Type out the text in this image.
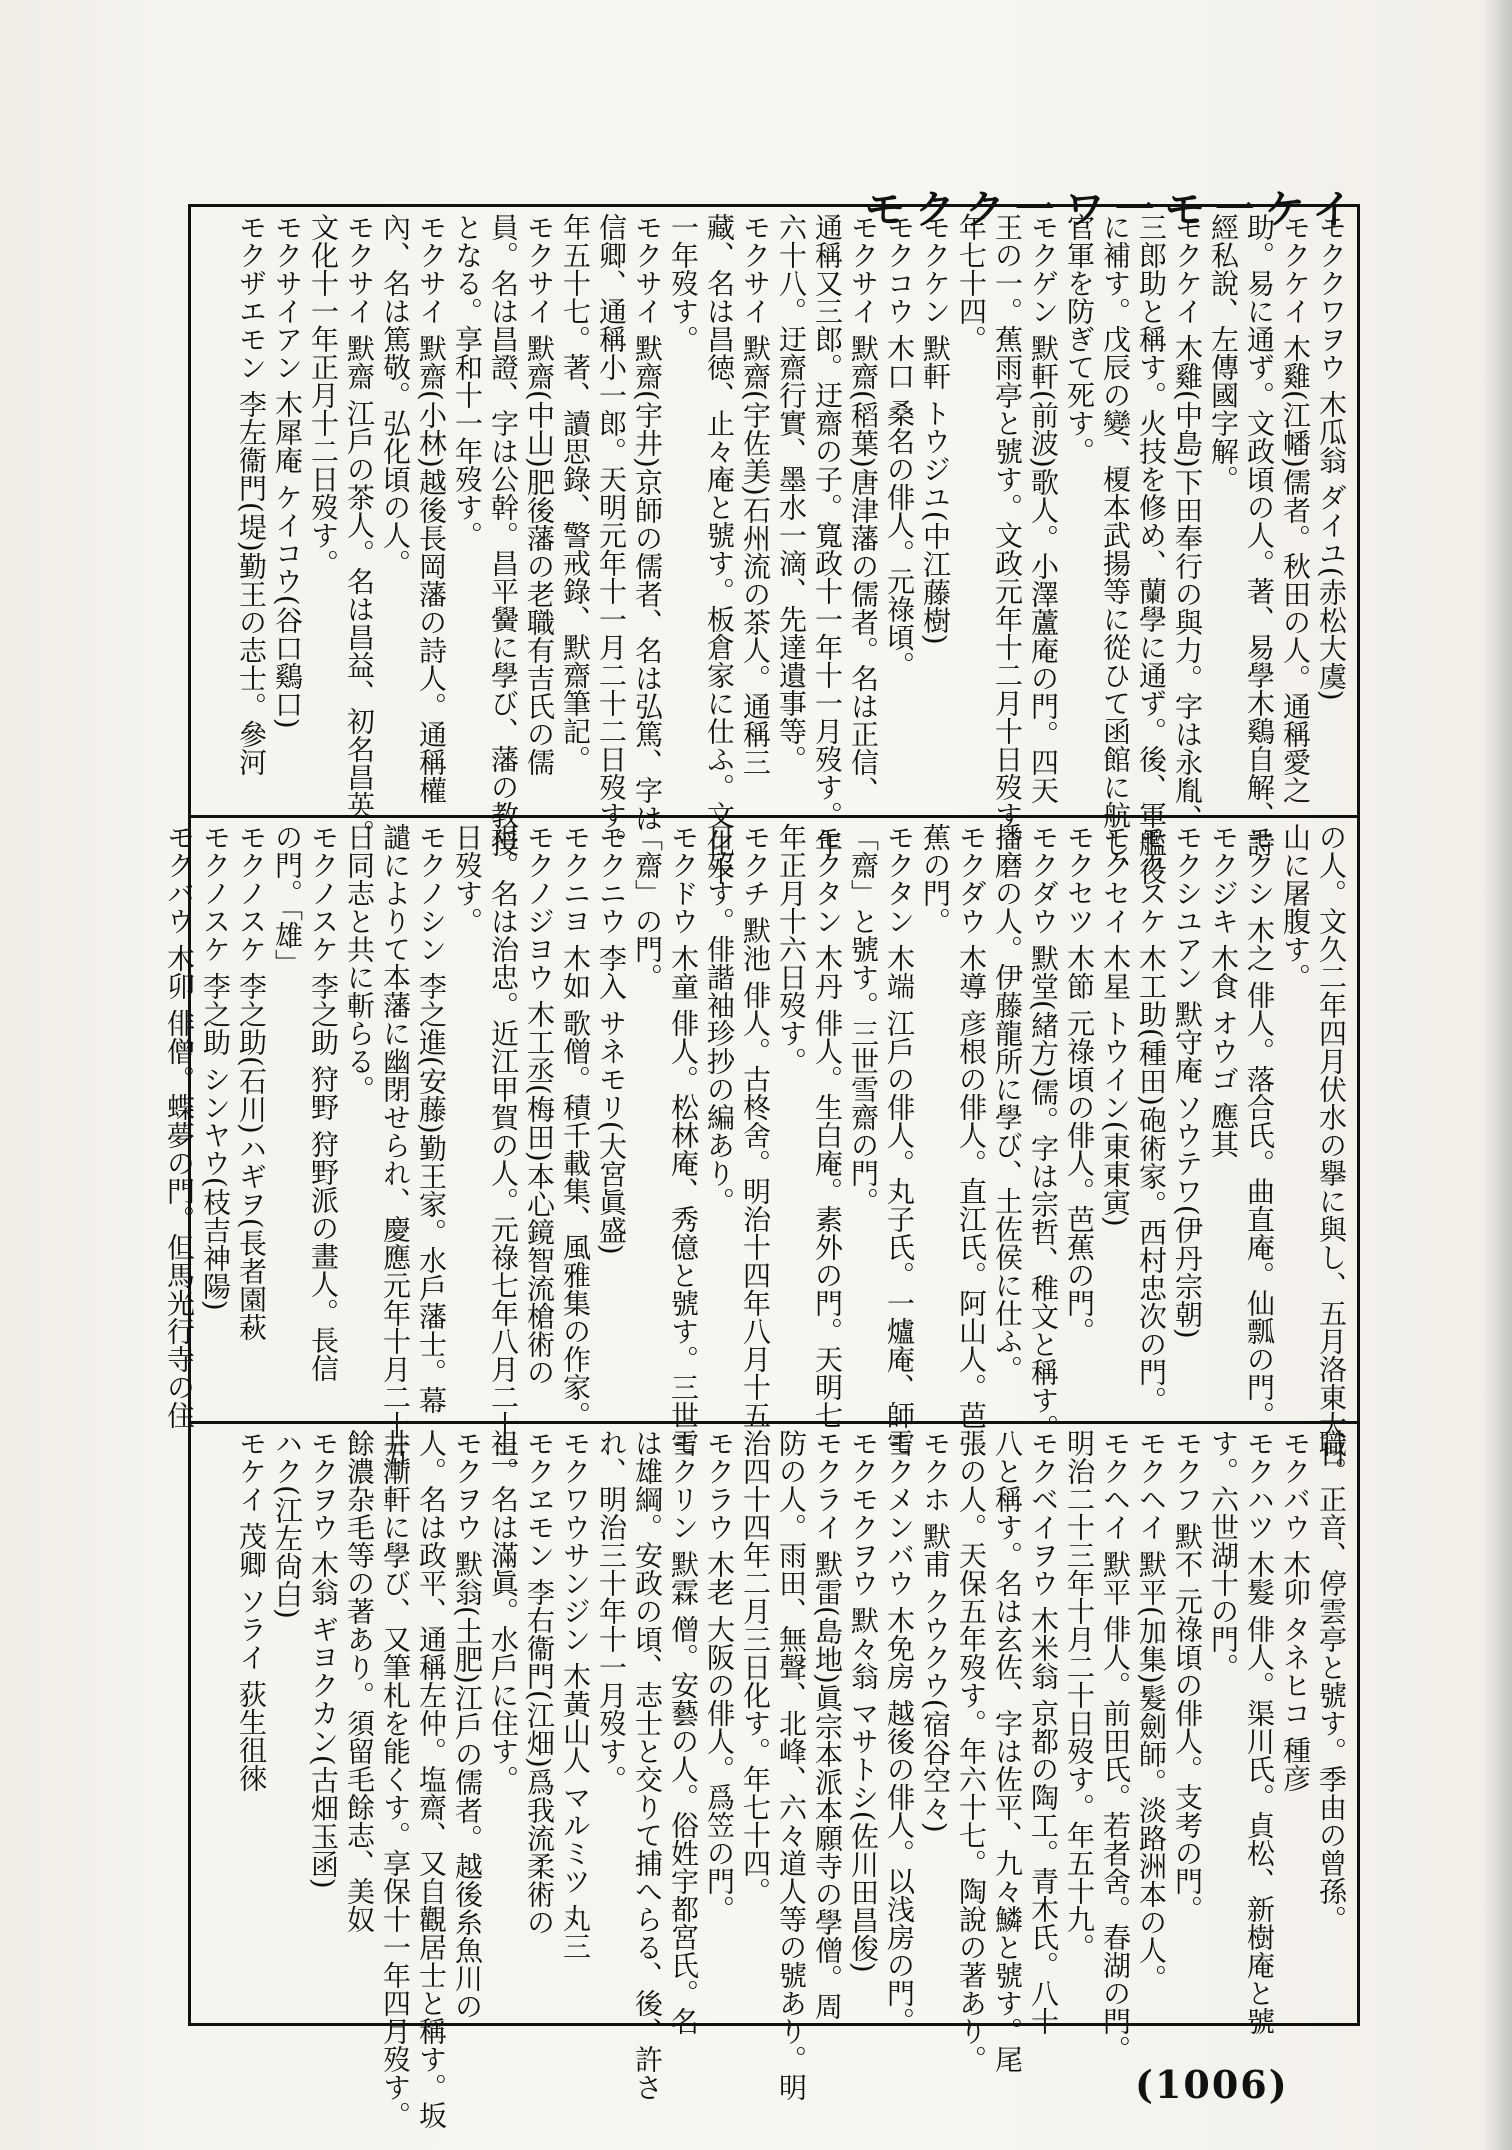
モクク一ワ一モ一ケイ
モククワヲウ 木瓜翁 ダイユ(赤松大虞)
モクケイ 木雞(江幡)儒者。秋田の人。通稱愛之
助。易に通ず。文政頃の人。著、易學木鷄自解、詩
經私說、左傳國字解。
モクケイ 木雞(中島)下田奉行の與力。字は永胤、
三郎助と稱す。火技を修め、蘭學に通ず。後、軍艦役
に補す。戊辰の變、榎本武揚等に從ひて函館に航し、
官軍を防ぎて死す。
モクゲン 默軒(前波)歌人。小澤蘆庵の門。四天
王の一。蕉雨亭と號す。文政元年十二月十日歿す。
年七十四。
モクケン 默軒 トウジユ(中江藤樹)
モクコウ 木口 桑名の俳人。元祿頃。
モクサイ 默齋(稻葉)唐津藩の儒者。名は正信、
通稱又三郎。迂齋の子。寬政十一年十一月歿す。年
六十八。迂齋行實、墨水一滴、先達遺事等。
モクサイ 默齋(宇佐美)石州流の茶人。通稱三
藏、名は昌徳、止々庵と號す。板倉家に仕ふ。文化十
一年歿す。
モクサイ 默齋(宇井)京師の儒者、名は弘篤、字は
信卿、通稱小一郎。天明元年十一月二十二日歿す。
年五十七。著、讀思錄、警戒錄、默齋筆記。
モクサイ 默齋(中山)肥後藩の老職有吉氏の儒
員。名は昌證、字は公幹。昌平黌に學び、藩の教授
となる。享和十一年歿す。
モクサイ 默齋(小林)越後長岡藩の詩人。通稱權
內、名は篤敬。弘化頃の人。
モクサイ 默齋 江戶の茶人。名は昌益、初名昌英。
文化十一年正月十二日歿す。
モクサイアン 木犀庵 ケイコウ(谷口鷄口)
モクザエモン 李左衞門(堤)勤王の志士。參河
の人。文久二年四月伏水の擧に與し、五月洛東大日
山に屠腹す。
モクシ 木之 俳人。落合氏。曲直庵。仙瓢の門。
モクジキ 木食 オウゴ 應其
モクシユアン 默守庵 ソウテワ(伊丹宗朝)
モクスケ 木工助(種田)砲術家。西村忠次の門。
モクセイ 木星 トウイン(東東寅)
モクセツ 木節 元祿頃の俳人。芭蕉の門。
モクダウ 默堂(緒方)儒。字は宗哲、稚文と稱す。
播磨の人。伊藤龍所に學び、土佐侯に仕ふ。
モクダウ 木導 彦根の俳人。直江氏。阿山人。芭
蕉の門。
モクタン 木端 江戶の俳人。丸子氏。一爐庵、師雪
「齋」と號す。三世雪齋の門。
モクタン 木丹 俳人。生白庵。素外の門。天明七
年正月十六日歿す。
モクチ 默池 俳人。古柊舍。明治十四年八月十五
日歿す。俳諧袖珍抄の編あり。
モクドウ 木童 俳人。松林庵、秀億と號す。三世雪
「齋」の門。
モクニウ 李入 サネモリ(大宮眞盛)
モクニヨ 木如 歌僧。積千載集、風雅集の作家。
モクノジヨウ 木工丞(梅田)本心鏡智流槍術の
祖。名は治忠。近江甲賀の人。元祿七年八月二十三
日歿す。
モクノシン 李之進(安藤)勤王家。水戶藩士。幕
譴によりて本藩に幽閉せられ、慶應元年十月二十五
日同志と共に斬らる。
モクノスケ 李之助 狩野 狩野派の畫人。長信
の門。「雄」
モクノスケ 李之助(石川)ハギヲ(長者園萩
モクノスケ 李之助 シンヤウ(枝吉神陽)
モクバウ 木卯 俳僧。蝶夢の門。但馬光行寺の住
職。正音、停雲亭と號す。季由の曾孫。
モクバウ 木卯 タネヒコ 種彦
モクハツ 木髮 俳人。渠川氏。貞松、新樹庵と號
す。六世湖十の門。
モクフ 默不 元祿頃の俳人。支考の門。
モクヘイ 默平(加集)髮劍師。淡路洲本の人。
モクヘイ 默平 俳人。前田氏。若者舍。春湖の門。
明治二十三年十月二十日歿す。年五十九。
モクベイヲウ 木米翁 京都の陶工。青木氏。八十
八と稱す。名は玄佐、字は佐平、九々鱗と號す。尾
張の人。天保五年歿す。年六十七。陶說の著あり。
モクホ 默甫 クウクウ(宿谷空々)
モクメンバウ 木免房 越後の俳人。以浅房の門。
モクモクヲウ 默々翁 マサトシ(佐川田昌俊)
モクライ 默雷(島地)眞宗本派本願寺の學僧。周
防の人。雨田、無聲、北峰、六々道人等の號あり。明
治四十四年二月三日化す。年七十四。
モクラウ 木老 大阪の俳人。爲笠の門。
モクリン 默霖 僧。安藝の人。俗姓宇都宮氏。名
は雄綱。安政の頃、志士と交りて捕へらる、後、許さ
れ、明治三十年十一月歿す。
モクワウサンジン 木黃山人 マルミツ 丸三
モクヱモン 李右衞門(江畑)爲我流柔術の
祖。名は滿眞。水戶に住す。
モクヲウ 默翁(土肥)江戶の儒者。越後糸魚川の
人。名は政平、通稱左仲。塩齋、又自觀居士と稱す。坂
井漸軒に學び、又筆札を能くす。享保十一年四月歿す。
餘濃杂毛等の著あり。須留毛餘志、美奴
モクヲウ 木翁 ギヨクカン(古畑玉函)
ハク(江左尙白)
モケイ 茂卿 ソライ 荻生徂徠
(1006)
